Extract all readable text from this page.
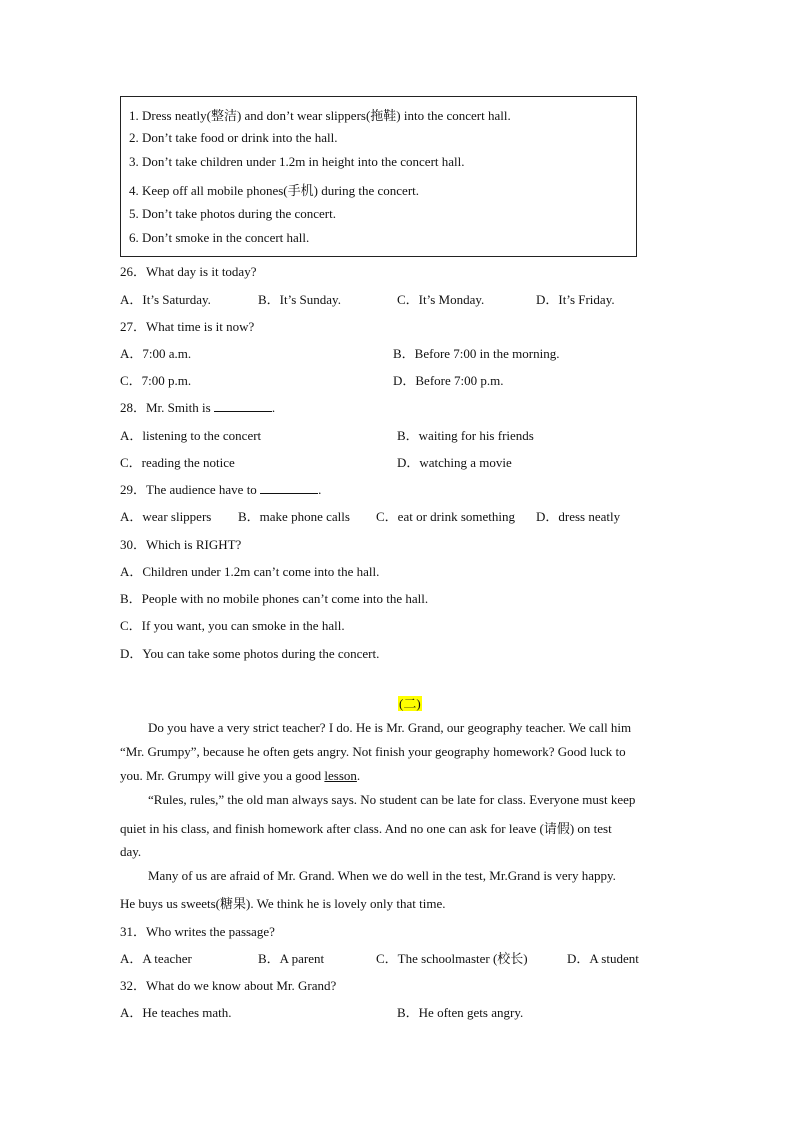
1. Dress neatly(整洁) and don’t wear slippers(拖鞋) into the concert hall.
2. Don’t take food or drink into the hall.
3. Don’t take children under 1.2m in height into the concert hall.
4. Keep off all mobile phones(手机) during the concert.
5. Don’t take photos during the concert.
6. Don’t smoke in the concert hall.
26．What day is it today?
A．It’s Saturday.	B．It’s Sunday.	C．It’s Monday.	D．It’s Friday.
27．What time is it now?
A．7:00 a.m.	B．Before 7:00 in the morning.
C．7:00 p.m.	D．Before 7:00 p.m.
28．Mr. Smith is	.
A．listening to the concert	B．waiting for his friends
C．reading the notice	D．watching a movie
29．The audience have to	.
A．wear slippers B．make phone calls C．eat or drink something D．dress neatly
30．Which is RIGHT?
A．Children under 1.2m can’t come into the hall.
B．People with no mobile phones can’t come into the hall.
C．If you want, you can smoke in the hall.
D．You can take some photos during the concert.
(二)
Do you have a very strict teacher? I do. He is Mr. Grand, our geography teacher. We call him
“Mr. Grumpy”, because he often gets angry. Not finish your geography homework? Good luck to
you. Mr. Grumpy will give you a good lesson.
“Rules, rules,” the old man always says. No student can be late for class. Everyone must keep
quiet in his class, and finish homework after class. And no one can ask for leave (请假) on test
day.
Many of us are afraid of Mr. Grand. When we do well in the test, Mr.Grand is very happy.
He buys us sweets(糖果). We think he is lovely only that time.
31．Who writes the passage?
A．A teacher	B．A parent	C．The schoolmaster (校长)	D．A student
32．What do we know about Mr. Grand?
A．He teaches math.	B．He often gets angry.
